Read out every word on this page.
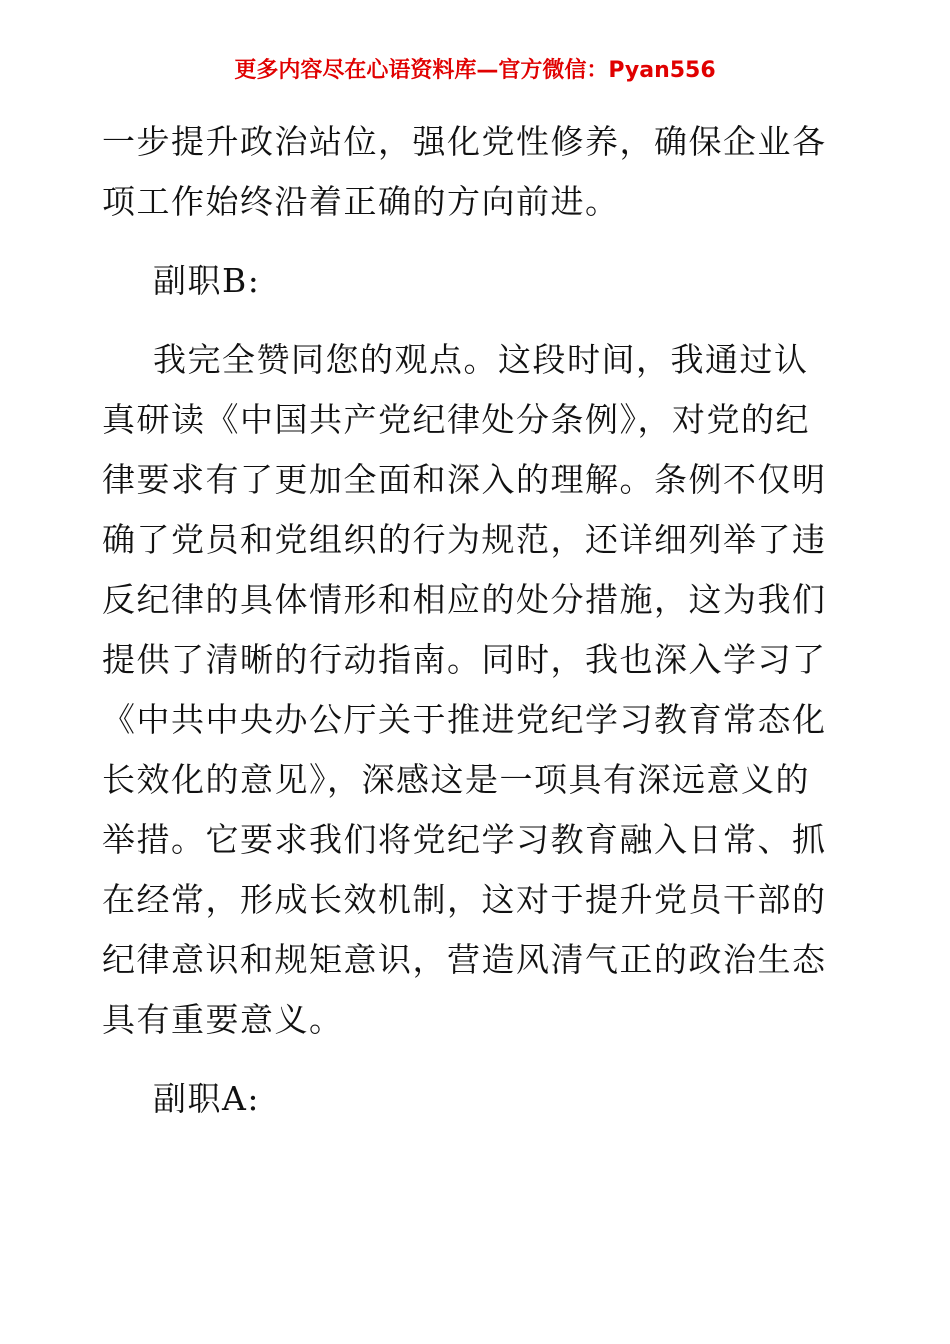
更多内容尽在心语资料库—官方微信：Pyan556
一步提升政治站位，强化党性修养，确保企业各
项工作始终沿着正确的方向前进。
副职B:
我完全赞同您的观点。这段时间，我通过认
真研读《中国共产党纪律处分条例》，对党的纪
律要求有了更加全面和深入的理解。条例不仅明
确了党员和党组织的行为规范，还详细列举了违
反纪律的具体情形和相应的处分措施，这为我们
提供了清晰的行动指南。同时，我也深入学习了
《中共中央办公厅关于推进党纪学习教育常态化
长效化的意见》，深感这是一项具有深远意义的
举措。它要求我们将党纪学习教育融入日常、抓
在经常，形成长效机制，这对于提升党员干部的
纪律意识和规矩意识，营造风清气正的政治生态
具有重要意义。
副职A:
